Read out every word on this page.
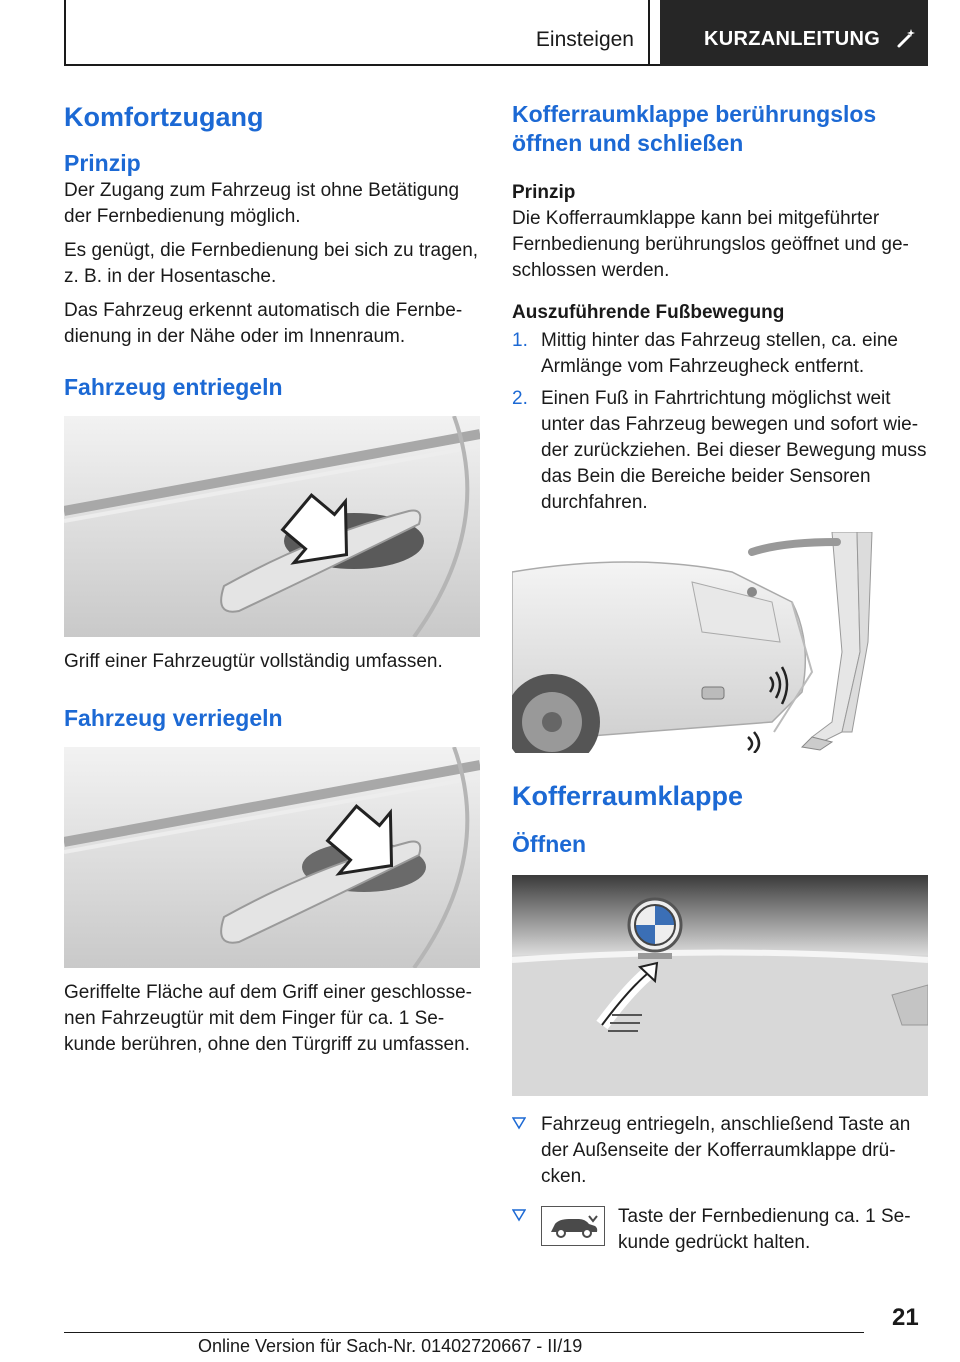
Einsteigen	KURZANLEITUNG
Komfortzugang
Prinzip

Der Zugang zum Fahrzeug ist ohne Betätigung der Fernbedienung möglich.

Es genügt, die Fernbedienung bei sich zu tragen, z. B. in der Hosentasche.

Das Fahrzeug erkennt automatisch die Fernbedienung in der Nähe oder im Innenraum.

Fahrzeug entriegeln

Griff einer Fahrzeugtür vollständig umfassen.

Fahrzeug verriegeln

Geriffelte Fläche auf dem Griff einer geschlossenen Fahrzeugtür mit dem Finger für ca. 1 Sekunde berühren, ohne den Türgriff zu umfassen.

Kofferraumklappe berührungslos öffnen und schließen
Prinzip

Die Kofferraumklappe kann bei mitgeführter Fernbedienung berührungslos geöffnet und geschlossen werden.

Auszuführende Fußbewegung
1. Mittig hinter das Fahrzeug stellen, ca. eine Armlänge vom Fahrzeugheck entfernt.
2. Einen Fuß in Fahrtrichtung möglichst weit unter das Fahrzeug bewegen und sofort wieder zurückziehen. Bei dieser Bewegung muss das Bein die Bereiche beider Sensoren durchfahren.
Kofferraumklappe
Öffnen
Fahrzeug entriegeln, anschließend Taste an der Außenseite der Kofferraumklappe drücken.
Taste der Fernbedienung ca. 1 Sekunde gedrückt halten.
21
Online Version für Sach-Nr. 01402720667 - II/19
